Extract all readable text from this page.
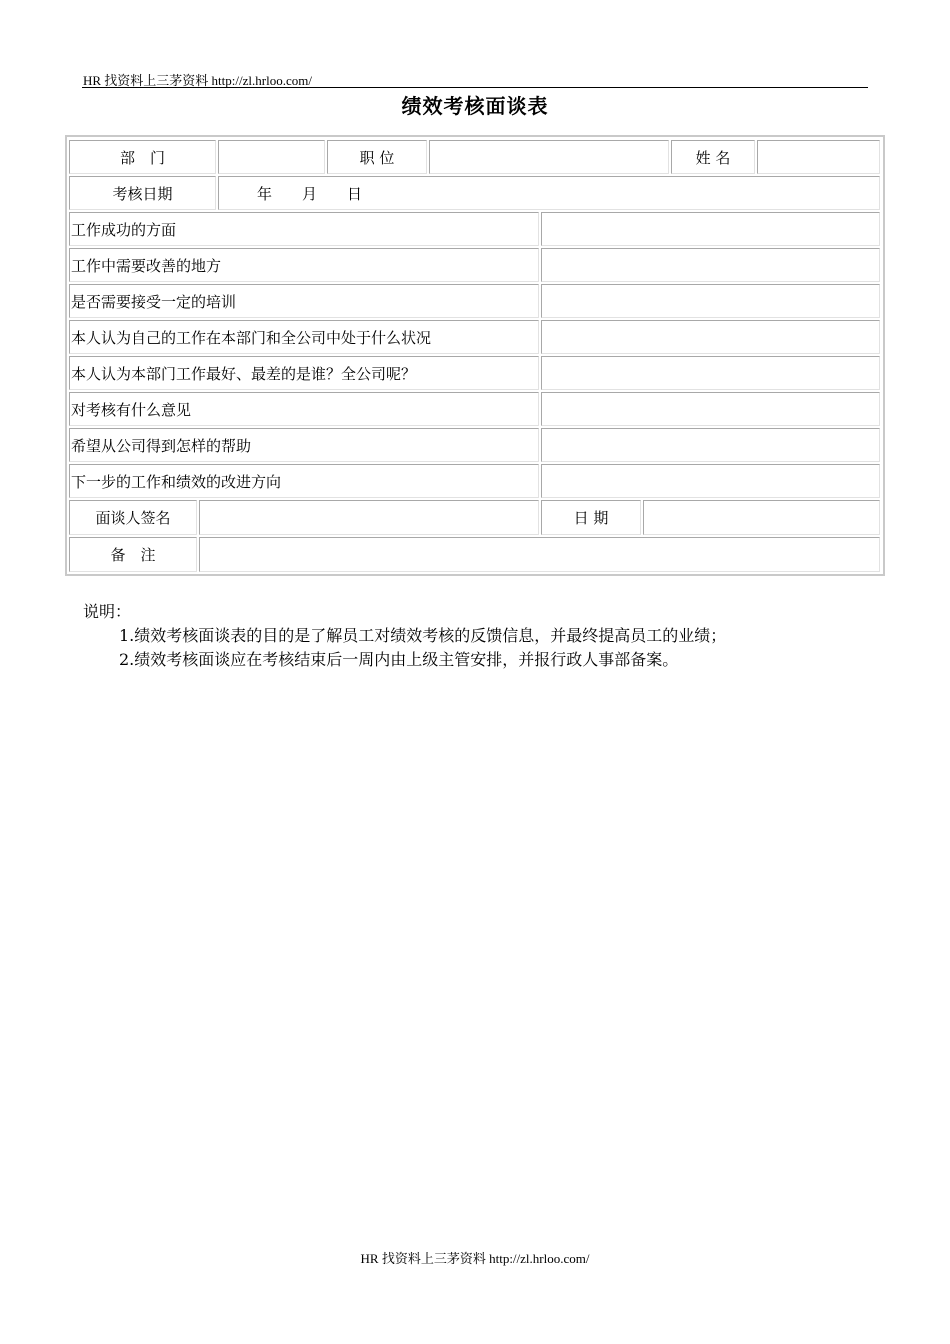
HR 找资料上三茅资料 http://zl.hrloo.com/
绩效考核面谈表
部　门	职 位	姓 名
考核日期	年　　月　　日
工作成功的方面
工作中需要改善的地方
是否需要接受一定的培训
本人认为自己的工作在本部门和全公司中处于什么状况
本人认为本部门工作最好、最差的是谁？全公司呢？
对考核有什么意见
希望从公司得到怎样的帮助
下一步的工作和绩效的改进方向
面谈人签名	日 期
备　注
说明：
1.绩效考核面谈表的目的是了解员工对绩效考核的反馈信息，并最终提高员工的业绩；
2.绩效考核面谈应在考核结束后一周内由上级主管安排，并报行政人事部备案。
HR 找资料上三茅资料 http://zl.hrloo.com/
